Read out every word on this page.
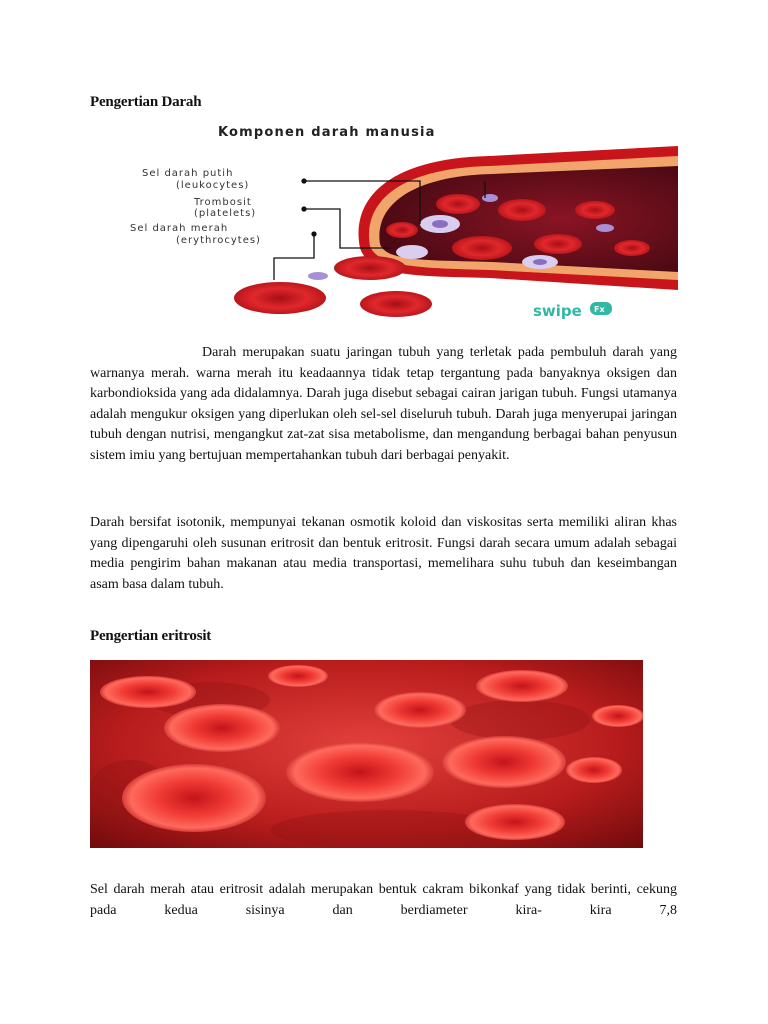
Pengertian Darah
Komponen darah manusia
Sel darah putih
(leukocytes)
Trombosit
(platelets)
Sel darah merah
(erythrocytes)
swipe Fx
Darah merupakan suatu jaringan tubuh yang terletak pada pembuluh darah yang warnanya merah. warna merah itu keadaannya tidak tetap tergantung pada banyaknya oksigen dan karbondioksida yang ada didalamnya. Darah juga disebut sebagai cairan jarigan tubuh. Fungsi utamanya adalah mengukur oksigen yang diperlukan oleh sel-sel diseluruh tubuh. Darah juga menyerupai jaringan tubuh dengan nutrisi, mengangkut zat-zat sisa metabolisme, dan mengandung berbagai bahan penyusun sistem imiu yang bertujuan mempertahankan tubuh dari berbagai penyakit.
Darah bersifat isotonik, mempunyai tekanan osmotik koloid dan viskositas serta memiliki aliran khas yang dipengaruhi oleh susunan eritrosit dan bentuk eritrosit. Fungsi darah secara umum adalah sebagai media pengirim bahan makanan atau media transportasi, memelihara suhu tubuh dan keseimbangan asam basa dalam tubuh.
Pengertian eritrosit
Sel darah merah atau eritrosit adalah merupakan bentuk cakram bikonkaf yang tidak berinti, cekung pada kedua sisinya dan berdiameter kira- kira 7,8
